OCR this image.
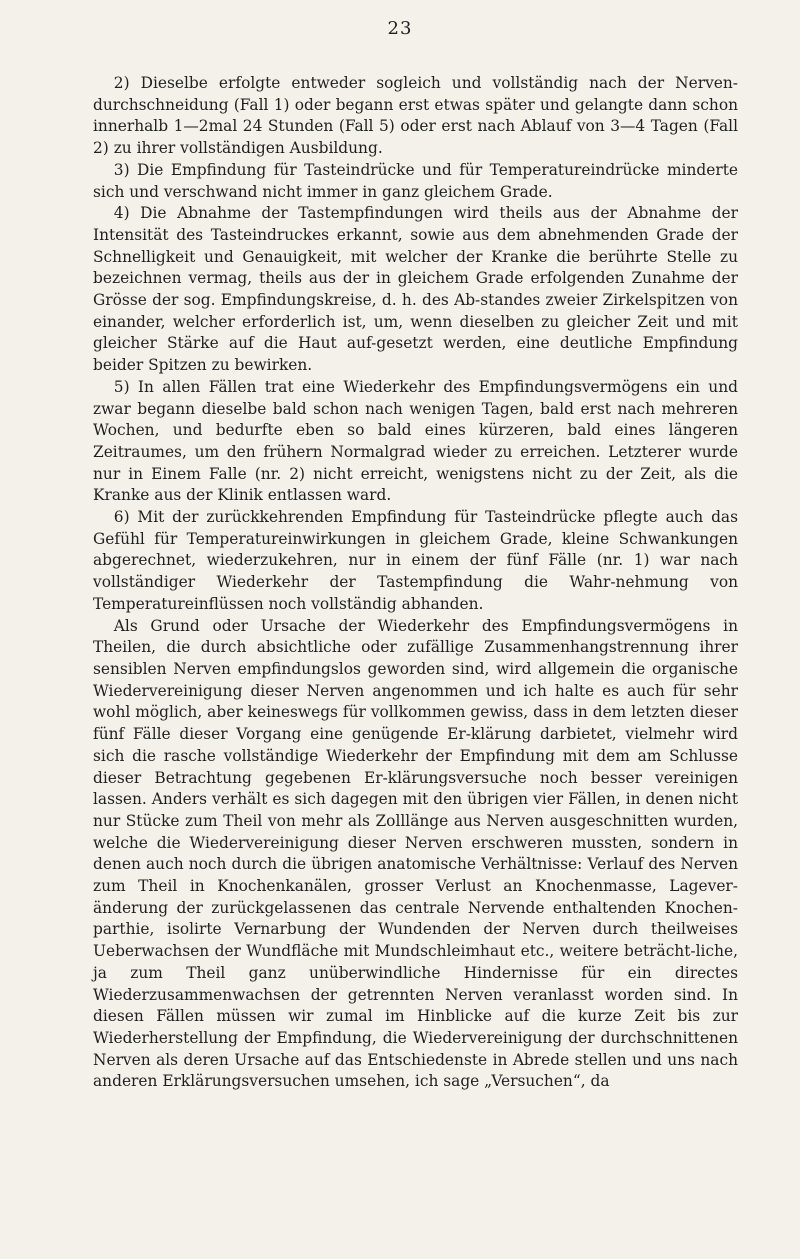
23

2) Dieselbe erfolgte entweder sogleich und vollständig nach der Nerven-durchschneidung (Fall 1) oder begann erst etwas später und gelangte dann schon innerhalb 1—2mal 24 Stunden (Fall 5) oder erst nach Ablauf von 3—4 Tagen (Fall 2) zu ihrer vollständigen Ausbildung.

3) Die Empfindung für Tasteindrücke und für Temperatureindrücke minderte sich und verschwand nicht immer in ganz gleichem Grade.

4) Die Abnahme der Tastempfindungen wird theils aus der Abnahme der Intensität des Tasteindruckes erkannt, sowie aus dem abnehmenden Grade der Schnelligkeit und Genauigkeit, mit welcher der Kranke die berührte Stelle zu bezeichnen vermag, theils aus der in gleichem Grade erfolgenden Zunahme der Grösse der sog. Empfindungskreise, d. h. des Ab-standes zweier Zirkelspitzen von einander, welcher erforderlich ist, um, wenn dieselben zu gleicher Zeit und mit gleicher Stärke auf die Haut auf-gesetzt werden, eine deutliche Empfindung beider Spitzen zu bewirken.

5) In allen Fällen trat eine Wiederkehr des Empfindungsvermögens ein und zwar begann dieselbe bald schon nach wenigen Tagen, bald erst nach mehreren Wochen, und bedurfte eben so bald eines kürzeren, bald eines längeren Zeitraumes, um den frühern Normalgrad wieder zu erreichen. Letzterer wurde nur in Einem Falle (nr. 2) nicht erreicht, wenigstens nicht zu der Zeit, als die Kranke aus der Klinik entlassen ward.

6) Mit der zurückkehrenden Empfindung für Tasteindrücke pflegte auch das Gefühl für Temperatureinwirkungen in gleichem Grade, kleine Schwankungen abgerechnet, wiederzukehren, nur in einem der fünf Fälle (nr. 1) war nach vollständiger Wiederkehr der Tastempfindung die Wahr-nehmung von Temperatureinflüssen noch vollständig abhanden.

Als Grund oder Ursache der Wiederkehr des Empfindungsvermögens in Theilen, die durch absichtliche oder zufällige Zusammenhangstrennung ihrer sensiblen Nerven empfindungslos geworden sind, wird allgemein die organische Wiedervereinigung dieser Nerven angenommen und ich halte es auch für sehr wohl möglich, aber keineswegs für vollkommen gewiss, dass in dem letzten dieser fünf Fälle dieser Vorgang eine genügende Er-klärung darbietet, vielmehr wird sich die rasche vollständige Wiederkehr der Empfindung mit dem am Schlusse dieser Betrachtung gegebenen Er-klärungsversuche noch besser vereinigen lassen. Anders verhält es sich dagegen mit den übrigen vier Fällen, in denen nicht nur Stücke zum Theil von mehr als Zolllänge aus Nerven ausgeschnitten wurden, welche die Wiedervereinigung dieser Nerven erschweren mussten, sondern in denen auch noch durch die übrigen anatomische Verhältnisse: Verlauf des Nerven zum Theil in Knochenkanälen, grosser Verlust an Knochenmasse, Lagever-änderung der zurückgelassenen das centrale Nervende enthaltenden Knochen-parthie, isolirte Vernarbung der Wundenden der Nerven durch theilweises Ueberwachsen der Wundfläche mit Mundschleimhaut etc., weitere beträcht-liche, ja zum Theil ganz unüberwindliche Hindernisse für ein directes Wiederzusammenwachsen der getrennten Nerven veranlasst worden sind. In diesen Fällen müssen wir zumal im Hinblicke auf die kurze Zeit bis zur Wiederherstellung der Empfindung, die Wiedervereinigung der durchschnittenen Nerven als deren Ursache auf das Entschiedenste in Abrede stellen und uns nach anderen Erklärungsversuchen umsehen, ich sage „Versuchen“, da
